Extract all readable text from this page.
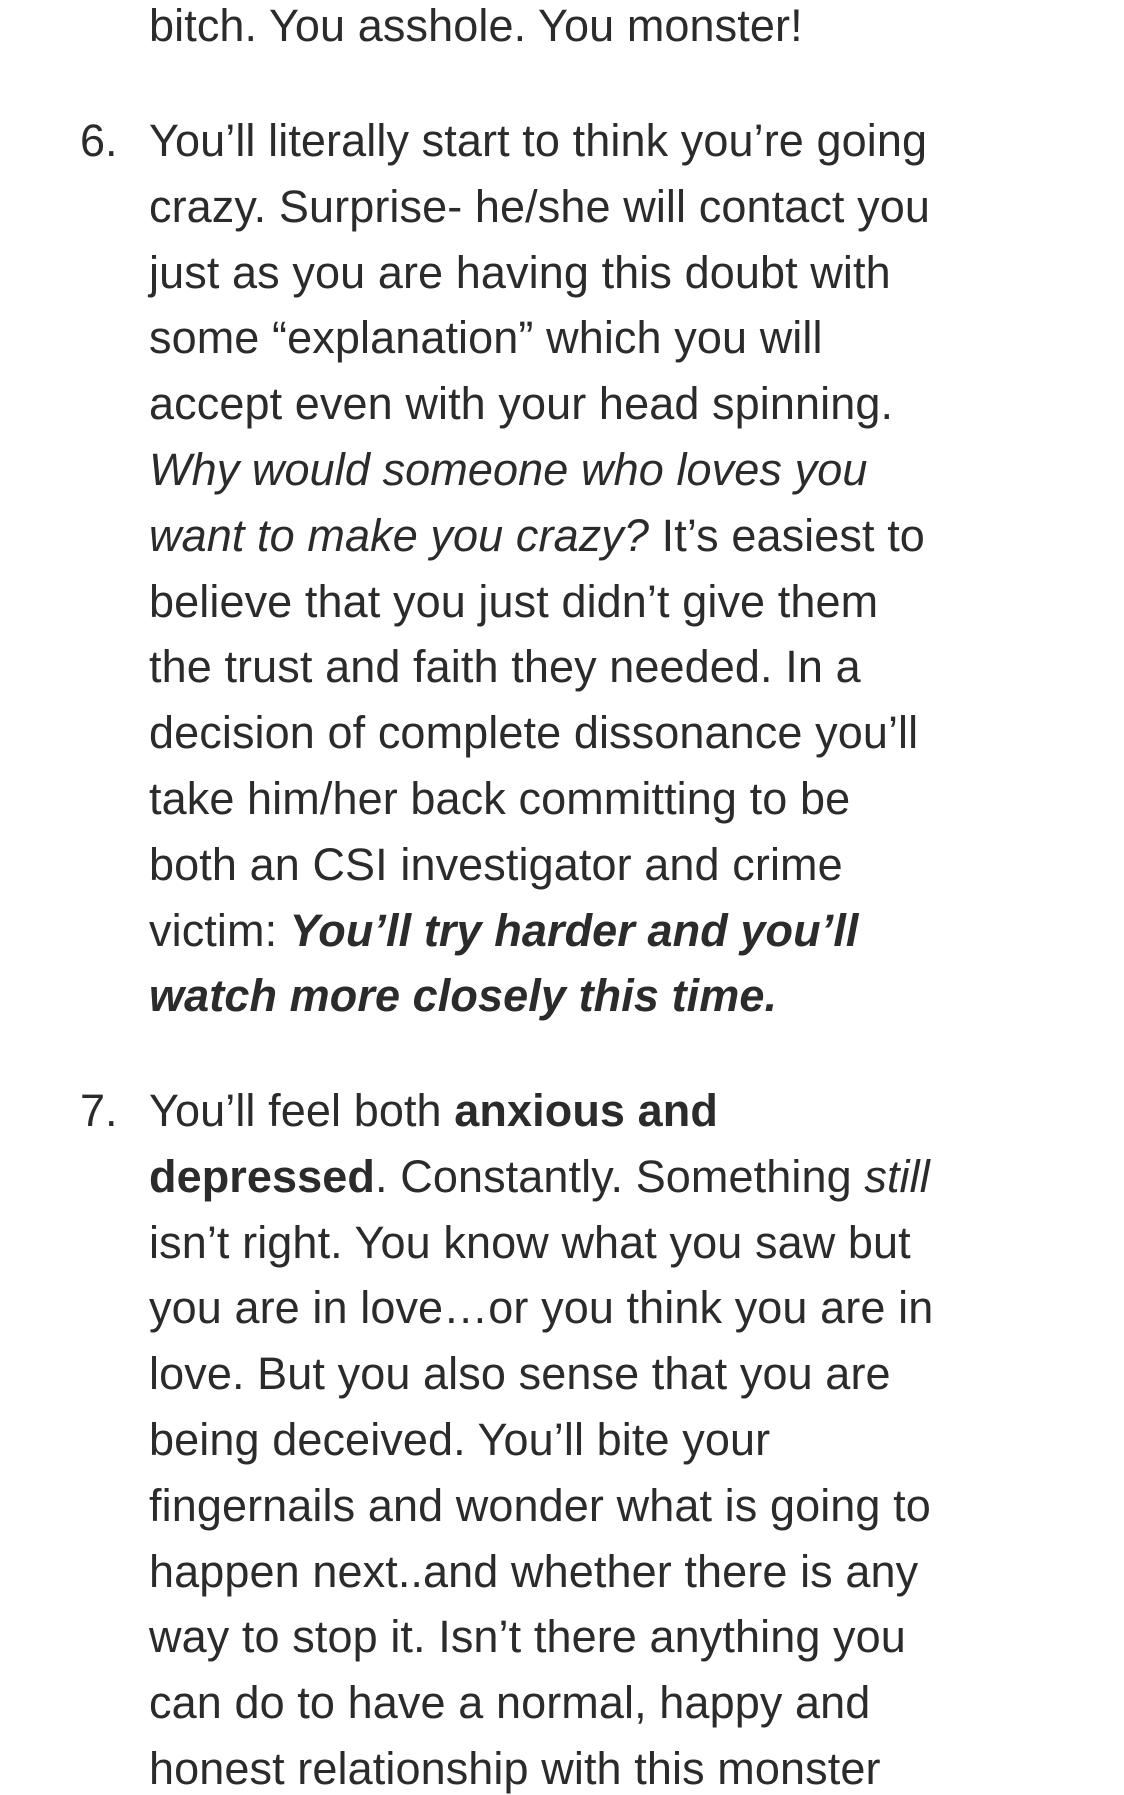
bitch. You asshole. You monster!
6. You’ll literally start to think you’re going
crazy. Surprise- he/she will contact you
just as you are having this doubt with
some “explanation” which you will
accept even with your head spinning.
Why would someone who loves you
want to make you crazy? It’s easiest to
believe that you just didn’t give them
the trust and faith they needed. In a
decision of complete dissonance you’ll
take him/her back committing to be
both an CSI investigator and crime
victim: You’ll try harder and you’ll
watch more closely this time.
7. You’ll feel both anxious and
depressed. Constantly. Something still
isn’t right. You know what you saw but
you are in love…or you think you are in
love. But you also sense that you are
being deceived. You’ll bite your
fingernails and wonder what is going to
happen next..and whether there is any
way to stop it. Isn’t there anything you
can do to have a normal, happy and
honest relationship with this monster
